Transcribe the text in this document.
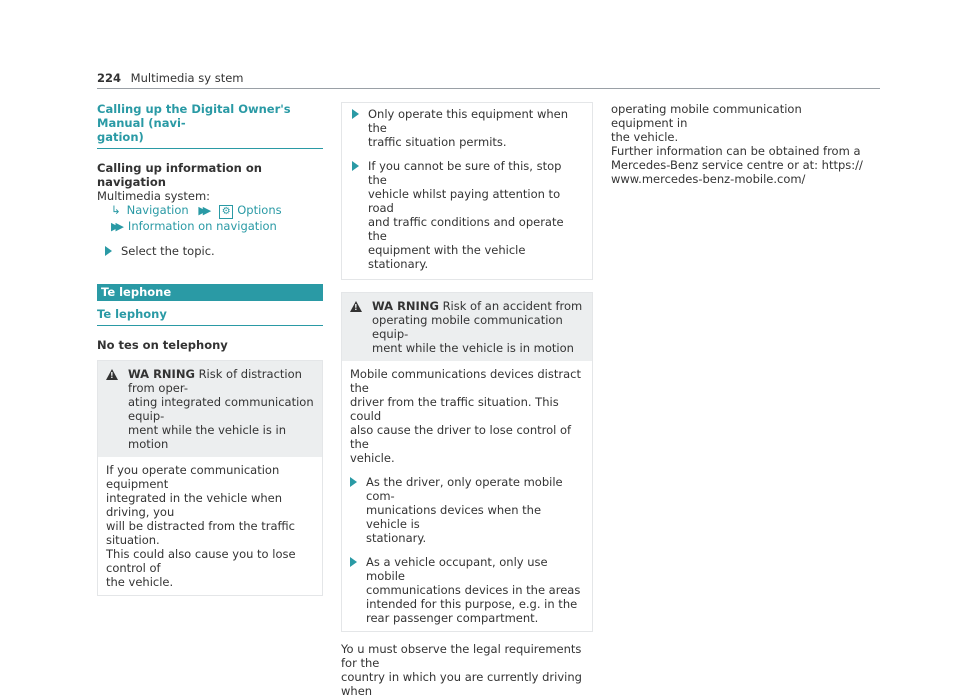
224 Multimedia sy stem
Calling up the Digital Owner's Manual (navi-
gation)
Calling up information on navigation
Multimedia system:
↳ Navigation ▶▶ ⚙ Options
▶▶ Information on navigation
Select the topic.
Te lephone
Te lephony
No tes on telephony
! WA RNING Risk of distraction from oper-
ating integrated communication equip-
ment while the vehicle is in motion
If you operate communication equipment
integrated in the vehicle when driving, you
will be distracted from the traffic situation.
This could also cause you to lose control of
the vehicle.
Only operate this equipment when the
traffic situation permits.
If you cannot be sure of this, stop the
vehicle whilst paying attention to road
and traffic conditions and operate the
equipment with the vehicle stationary.
! WA RNING Risk of an accident from
operating mobile communication equip-
ment while the vehicle is in motion
Mobile communications devices distract the
driver from the traffic situation. This could
also cause the driver to lose control of the
vehicle.
As the driver, only operate mobile com-
munications devices when the vehicle is
stationary.
As a vehicle occupant, only use mobile
communications devices in the areas
intended for this purpose, e.g. in the
rear passenger compartment.
Yo u must observe the legal requirements for the
country in which you are currently driving when
operating mobile communication equipment in
the vehicle.
Further information can be obtained from a
Mercedes-Benz service centre or at: https://
www.mercedes-benz-mobile.com/
